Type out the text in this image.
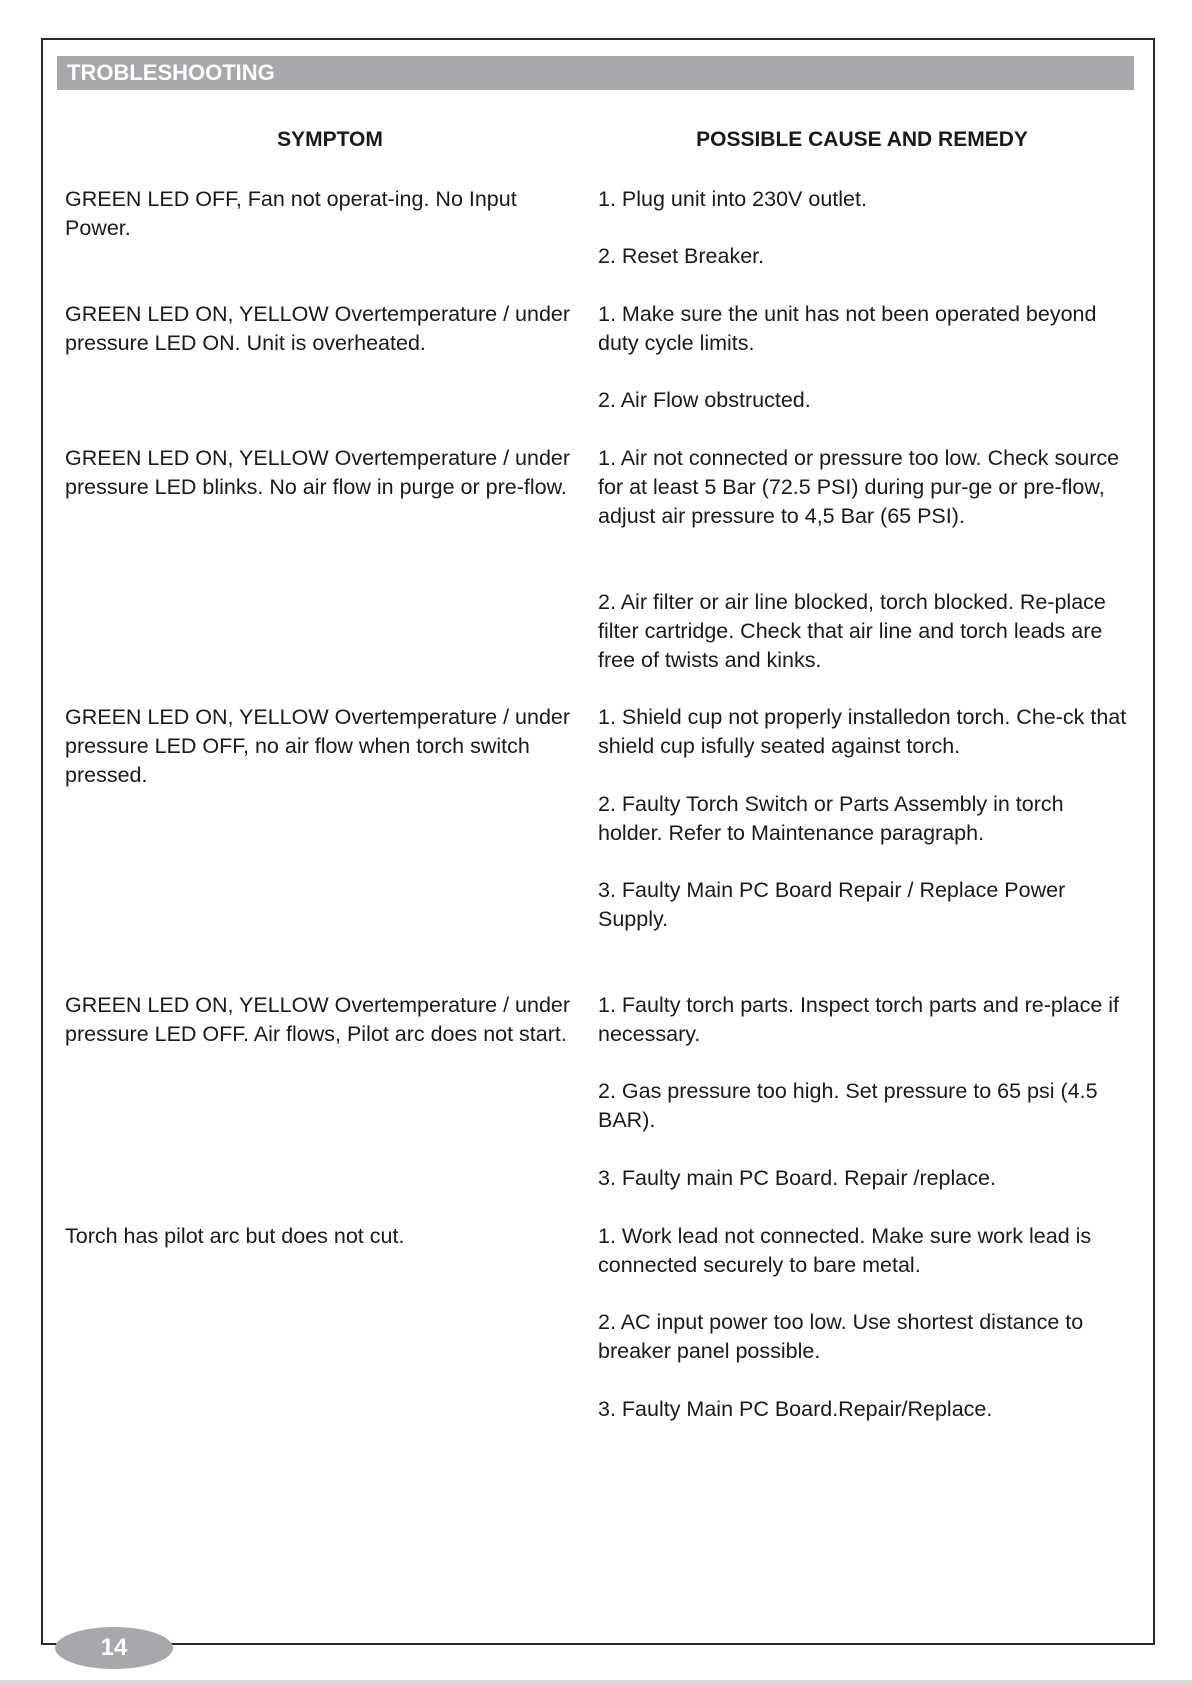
TROBLESHOOTING
SYMPTOM	POSSIBLE CAUSE AND REMEDY
GREEN LED OFF, Fan not operat-ing. No Input Power.
1. Plug unit into 230V outlet.
2. Reset Breaker.
GREEN LED ON, YELLOW Overtemperature / under pressure LED ON. Unit is overheated.
1. Make sure the unit has not been operated beyond duty cycle limits.
2. Air Flow obstructed.
GREEN LED ON, YELLOW Overtemperature / under pressure LED blinks. No air flow in purge or pre-flow.
1. Air not connected or pressure too low. Check source for at least 5 Bar (72.5 PSI) during pur-ge or pre-flow, adjust air pressure to 4,5 Bar (65 PSI).
2. Air filter or air line blocked, torch blocked. Re-place filter cartridge. Check that air line and torch leads are free of twists and kinks.
GREEN LED ON, YELLOW Overtemperature / under pressure LED OFF, no air flow when torch switch pressed.
1. Shield cup not properly installedon torch. Che-ck that shield cup isfully seated against torch.
2. Faulty Torch Switch or Parts Assembly in torch holder. Refer to Maintenance paragraph.
3. Faulty Main PC Board Repair / Replace Power Supply.
GREEN LED ON, YELLOW Overtemperature / under pressure LED OFF. Air flows, Pilot arc does not start.
1. Faulty torch parts. Inspect torch parts and re-place if necessary.
2. Gas pressure too high. Set pressure to 65 psi (4.5 BAR).
3. Faulty main PC Board. Repair /replace.
Torch has pilot arc but does not cut.	1. Work lead not connected. Make sure work lead is connected securely to bare metal.
2. AC input power too low. Use shortest distance to breaker panel possible.
3. Faulty Main PC Board.Repair/Replace.
14
